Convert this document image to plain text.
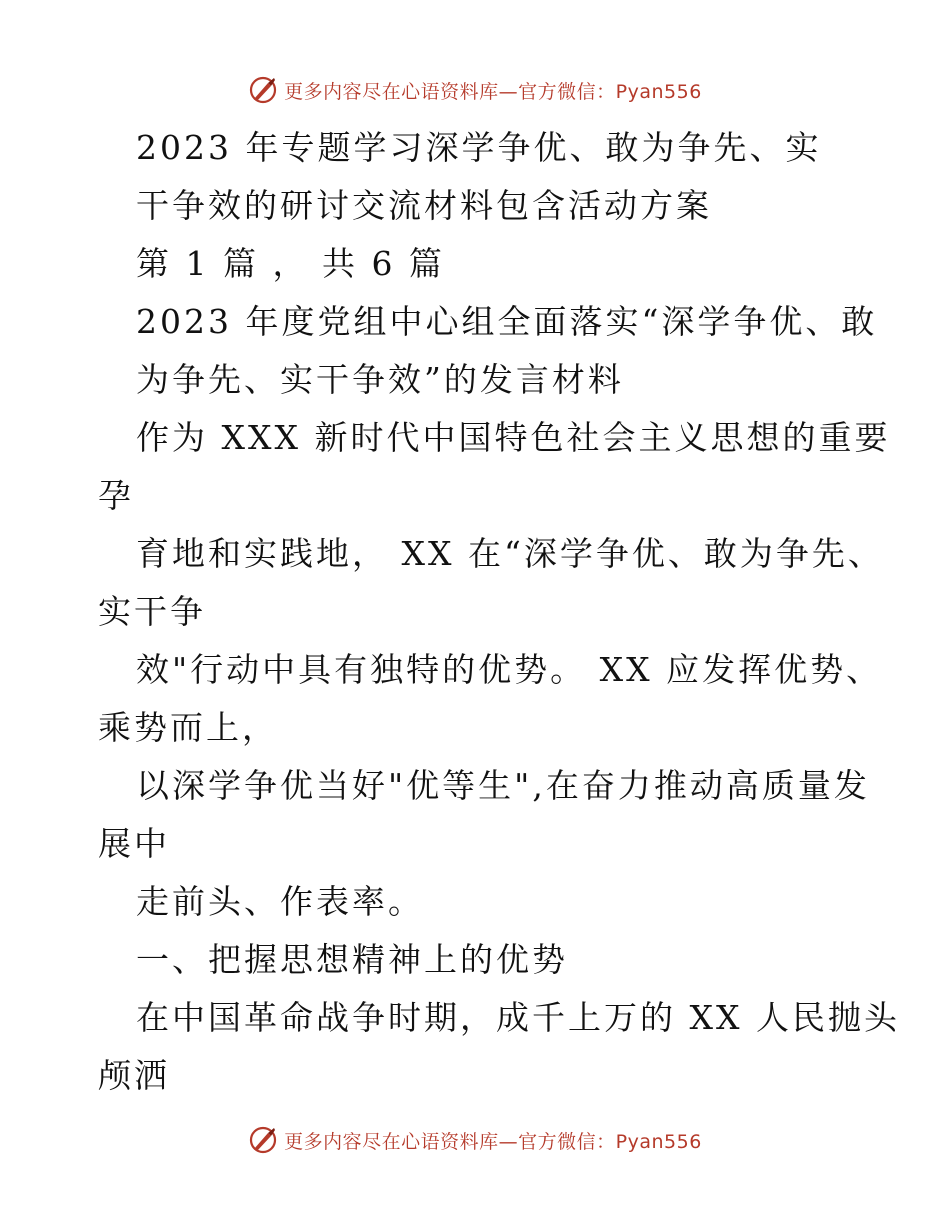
更多内容尽在心语资料库—官方微信：Pyan556
2023 年专题学习深学争优、敢为争先、实
干争效的研讨交流材料包含活动方案
第 1 篇 ， 共 6 篇
2023 年度党组中心组全面落实“深学争优、敢
为争先、实干争效”的发言材料
作为 XXX 新时代中国特色社会主义思想的重要
孕
育地和实践地， XX 在“深学争优、敢为争先、
实干争
效"行动中具有独特的优势。 XX 应发挥优势、
乘势而上，
以深学争优当好"优等生",在奋力推动高质量发
展中
走前头、作表率。
一、把握思想精神上的优势
在中国革命战争时期，成千上万的 XX 人民抛头
颅洒
更多内容尽在心语资料库—官方微信：Pyan556
